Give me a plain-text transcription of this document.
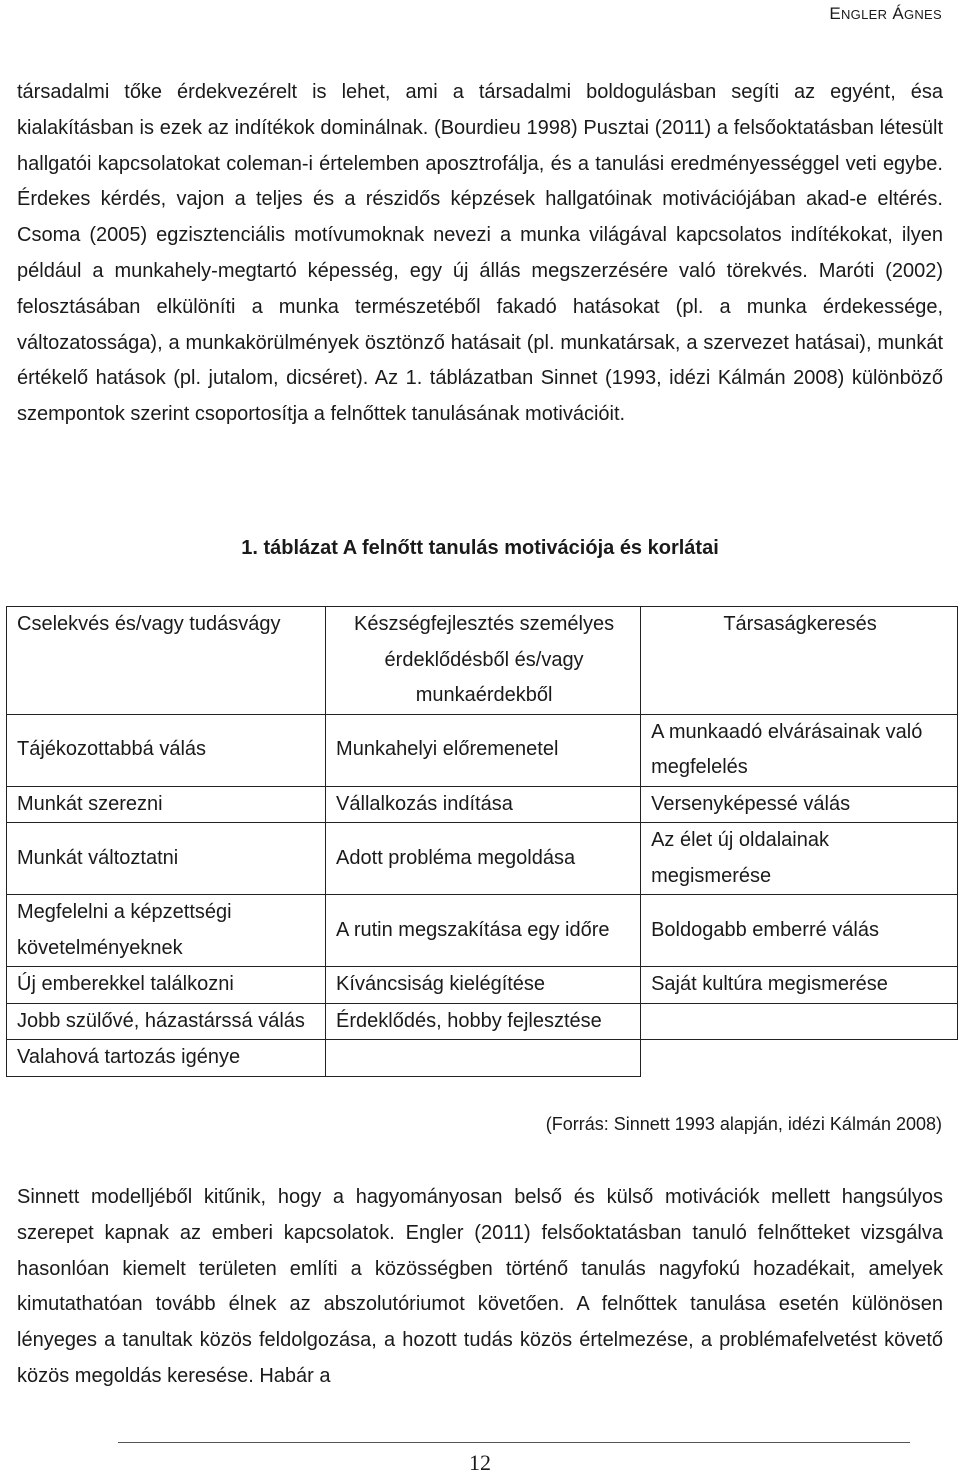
ENGLER ÁGNES

társadalmi tőke érdekvezérelt is lehet, ami a társadalmi boldogulásban segíti az egyént, ésa kialakításban is ezek az indítékok dominálnak. (Bourdieu 1998) Pusztai (2011) a felsőoktatásban létesült hallgatói kapcsolatokat coleman-i értelemben aposztrofálja, és a tanulási eredményességgel veti egybe. Érdekes kérdés, vajon a teljes és a részidős képzések hallgatóinak motivációjában akad-e eltérés. Csoma (2005) egzisztenciális motívumoknak nevezi a munka világával kapcsolatos indítékokat, ilyen például a munkahely-megtartó képesség, egy új állás megszerzésére való törekvés. Maróti (2002) felosztásában elkülöníti a munka természetéből fakadó hatásokat (pl. a munka érdekessége, változatossága), a munkakörülmények ösztönző hatásait (pl. munkatársak, a szervezet hatásai), munkát értékelő hatások (pl. jutalom, dicséret). Az 1. táblázatban Sinnet (1993, idézi Kálmán 2008) különböző szempontok szerint csoportosítja a felnőttek tanulásának motivációit.

1. táblázat A felnőtt tanulás motivációja és korlátai
Cselekvés és/vagy tudásvágy	Készségfejlesztés személyes érdeklődésből és/vagy munkaérdekből	Társaságkeresés
Tájékozottabbá válás	Munkahelyi előremenetel	A munkaadó elvárásainak való megfelelés
Munkát szerezni	Vállalkozás indítása	Versenyképessé válás
Munkát változtatni	Adott probléma megoldása	Az élet új oldalainak megismerése
Megfelelni a képzettségi követelményeknek	A rutin megszakítása egy időre	Boldogabb emberré válás
Új emberekkel találkozni	Kíváncsiság kielégítése	Saját kultúra megismerése
Jobb szülővé, házastárssá válás	Érdeklődés, hobby fejlesztése	
Valahová tartozás igénye		
(Forrás: Sinnett 1993 alapján, idézi Kálmán 2008)

Sinnett modelljéből kitűnik, hogy a hagyományosan belső és külső motivációk mellett hangsúlyos szerepet kapnak az emberi kapcsolatok. Engler (2011) felsőoktatásban tanuló felnőtteket vizsgálva hasonlóan kiemelt területen említi a közösségben történő tanulás nagyfokú hozadékait, amelyek kimutathatóan tovább élnek az abszolutóriumot követően. A felnőttek tanulása esetén különösen lényeges a tanultak közös feldolgozása, a hozott tudás közös értelmezése, a problémafelvetést követő közös megoldás keresése. Habár a

12
